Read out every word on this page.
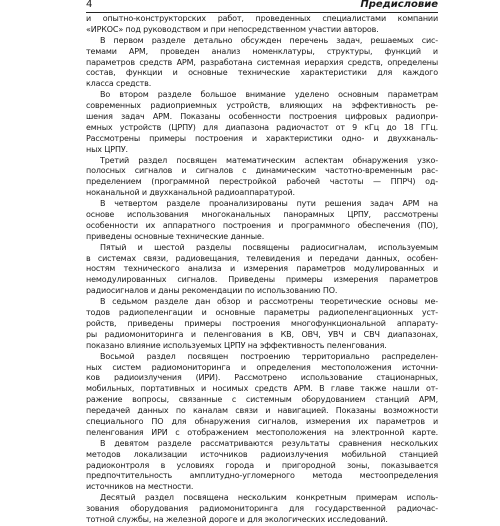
4	Предисловие
и опытно-конструкторских работ, проведенных специалистами компании
«ИРКОС» под руководством и при непосредственном участии авторов.
В первом разделе детально обсужден перечень задач, решаемых сис-
темами АРМ, проведен анализ номенклатуры, структуры, функций и
параметров средств АРМ, разработана системная иерархия средств, определены
состав, функции и основные технические характеристики для каждого
класса средств.
Во втором разделе большое внимание уделено основным параметрам
современных радиоприемных устройств, влияющих на эффективность ре-
шения задач АРМ. Показаны особенности построения цифровых радиопри-
емных устройств (ЦРПУ) для диапазона радиочастот от 9 кГц до 18 ГГц.
Рассмотрены примеры построения и характеристики одно- и двухканаль-
ных ЦРПУ.
Третий раздел посвящен математическим аспектам обнаружения узко-
полосных сигналов и сигналов с динамическим частотно-временным рас-
пределением (программной перестройкой рабочей частоты — ППРЧ) од-
ноканальной и двухканальной радиоаппаратурой.
В четвертом разделе проанализированы пути решения задач АРМ на
основе использования многоканальных панорамных ЦРПУ, рассмотрены
особенности их аппаратного построения и программного обеспечения (ПО),
приведены основные технические данные.
Пятый и шестой разделы посвящены радиосигналам, используемым
в системах связи, радиовещания, телевидения и передачи данных, особен-
ностям технического анализа и измерения параметров модулированных и
немодулированных сигналов. Приведены примеры измерения параметров
радиосигналов и даны рекомендации по использованию ПО.
В седьмом разделе дан обзор и рассмотрены теоретические основы ме-
тодов радиопеленгации и основные параметры радиопеленгационных уст-
ройств, приведены примеры построения многофункциональной аппарату-
ры радиомониторинга и пеленгования в КВ, ОВЧ, УВЧ и СВЧ диапазонах,
показано влияние используемых ЦРПУ на эффективность пеленгования.
Восьмой раздел посвящен построению территориально распределен-
ных систем радиомониторинга и определения местоположения источни-
ков радиоизлучения (ИРИ). Рассмотрено использование стационарных,
мобильных, портативных и носимых средств АРМ. В главе также нашли от-
ражение вопросы, связанные с системным оборудованием станций АРМ,
передачей данных по каналам связи и навигацией. Показаны возможности
специального ПО для обнаружения сигналов, измерения их параметров и
пеленгования ИРИ с отображением местоположения на электронной карте.
В девятом разделе рассматриваются результаты сравнения нескольких
методов локализации источников радиоизлучения мобильной станцией
радиоконтроля в условиях города и пригородной зоны, показывается
предпочтительность амплитудно-угломерного метода местоопределения
источников на местности.
Десятый раздел посвящена нескольким конкретным примерам исполь-
зования оборудования радиомониторинга для государственной радиочас-
тотной службы, на железной дороге и для экологических исследований.
